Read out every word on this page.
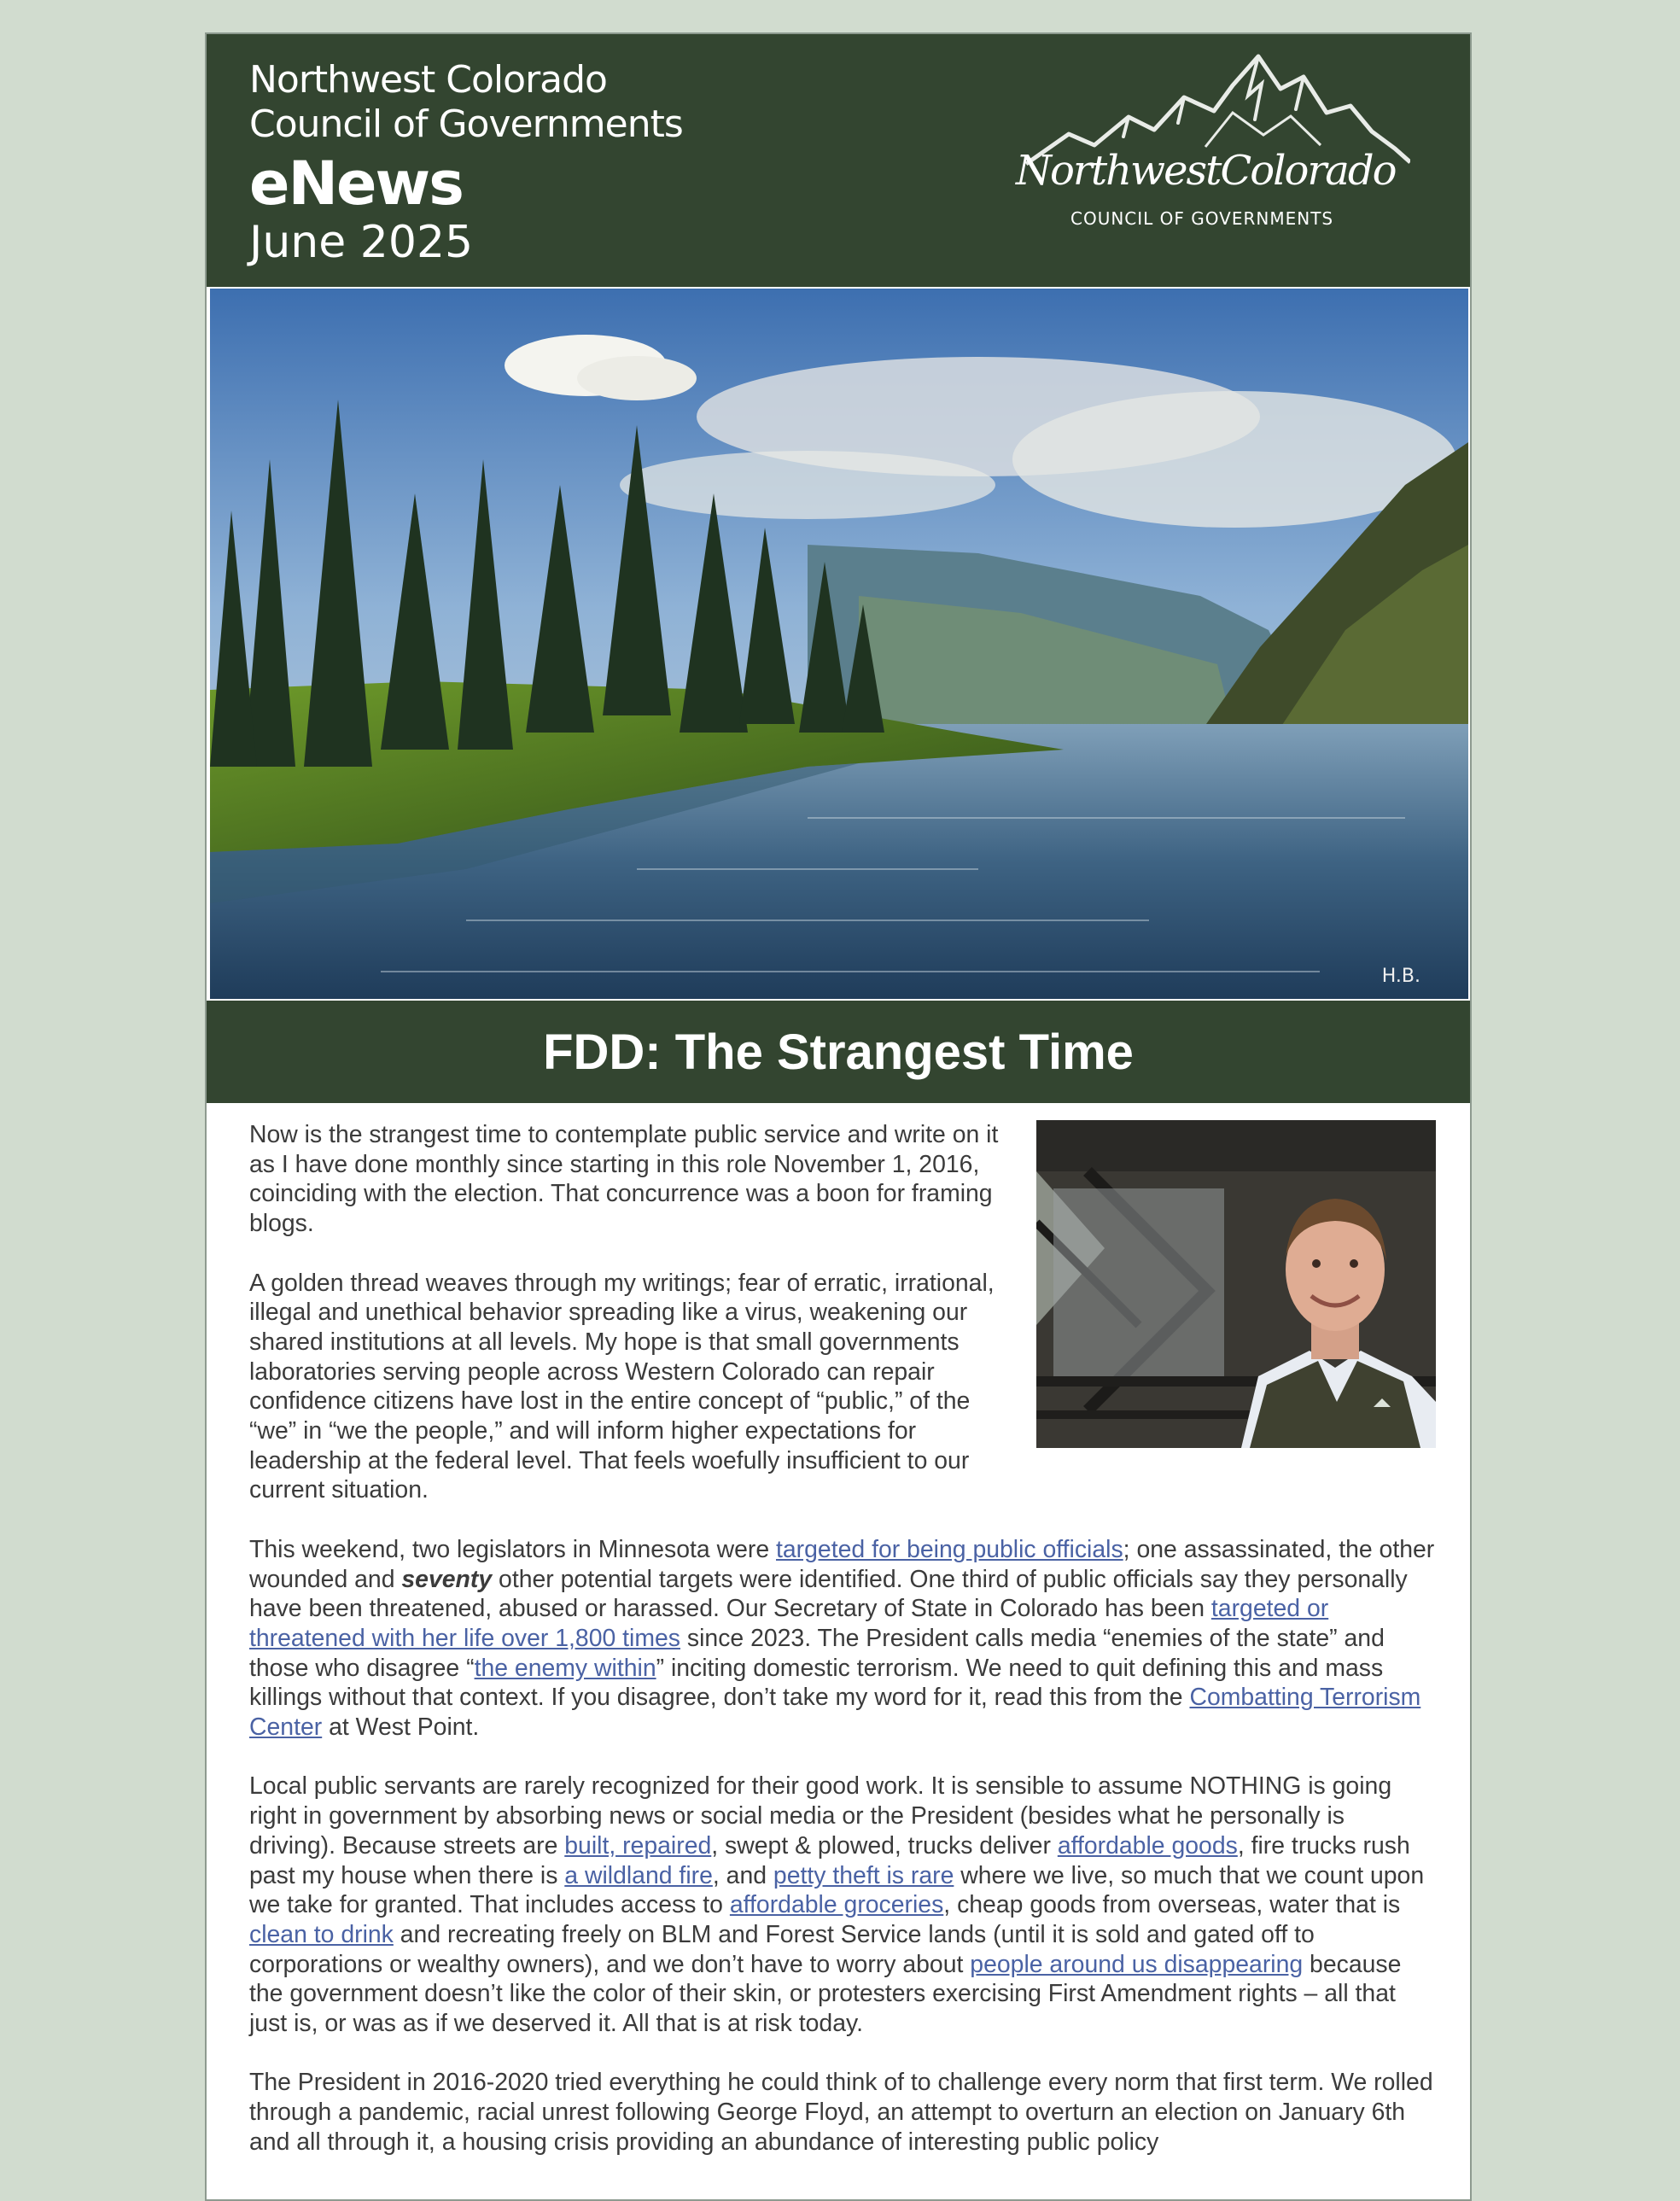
Northwest Colorado
Council of Governments
eNews
June 2025
NorthwestColorado
COUNCIL OF GOVERNMENTS
H.B.
FDD: The Strangest Time

Now is the strangest time to contemplate public service and write on it as I have done monthly since starting in this role November 1, 2016, coinciding with the election. That concurrence was a boon for framing blogs.

A golden thread weaves through my writings; fear of erratic, irrational, illegal and unethical behavior spreading like a virus, weakening our shared institutions at all levels. My hope is that small governments laboratories serving people across Western Colorado can repair confidence citizens have lost in the entire concept of “public,” of the “we” in “we the people,” and will inform higher expectations for leadership at the federal level. That feels woefully insufficient to our current situation.

This weekend, two legislators in Minnesota were targeted for being public officials; one assassinated, the other wounded and seventy other potential targets were identified. One third of public officials say they personally have been threatened, abused or harassed. Our Secretary of State in Colorado has been targeted or threatened with her life over 1,800 times since 2023. The President calls media “enemies of the state” and those who disagree “the enemy within” inciting domestic terrorism. We need to quit defining this and mass killings without that context. If you disagree, don’t take my word for it, read this from the Combatting Terrorism Center at West Point.

Local public servants are rarely recognized for their good work. It is sensible to assume NOTHING is going right in government by absorbing news or social media or the President (besides what he personally is driving). Because streets are built, repaired, swept & plowed, trucks deliver affordable goods, fire trucks rush past my house when there is a wildland fire, and petty theft is rare where we live, so much that we count upon we take for granted. That includes access to affordable groceries, cheap goods from overseas, water that is clean to drink and recreating freely on BLM and Forest Service lands (until it is sold and gated off to corporations or wealthy owners), and we don’t have to worry about people around us disappearing because the government doesn’t like the color of their skin, or protesters exercising First Amendment rights – all that just is, or was as if we deserved it. All that is at risk today.

The President in 2016-2020 tried everything he could think of to challenge every norm that first term. We rolled through a pandemic, racial unrest following George Floyd, an attempt to overturn an election on January 6th and all through it, a housing crisis providing an abundance of interesting public policy
